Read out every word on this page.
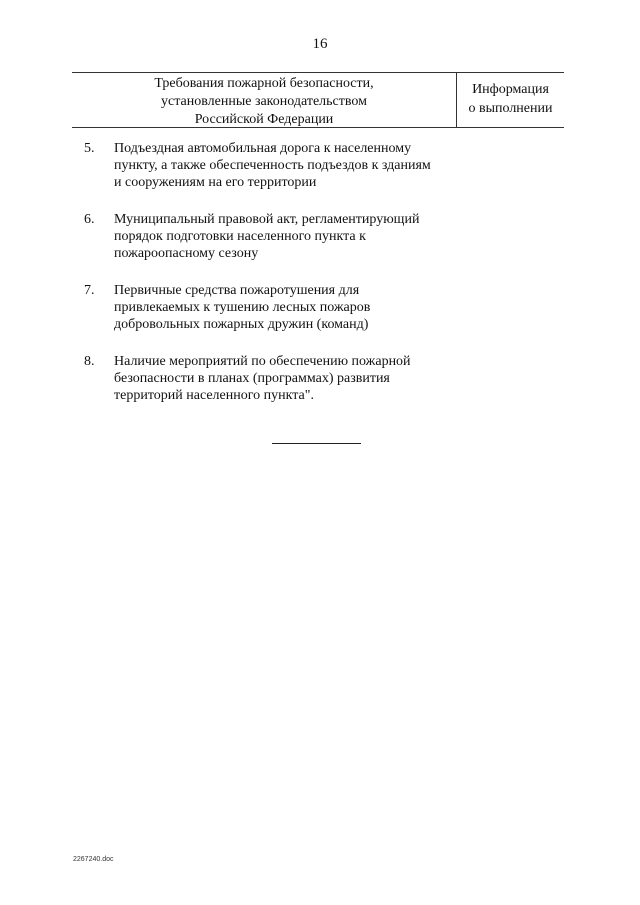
16
Требования пожарной безопасности,
установленные законодательством
Российской Федерации
Информация
о выполнении
5. Подъездная автомобильная дорога к населенному
пункту, а также обеспеченность подъездов к зданиям
и сооружениям на его территории
6. Муниципальный правовой акт, регламентирующий
порядок подготовки населенного пункта к
пожароопасному сезону
7. Первичные средства пожаротушения для
привлекаемых к тушению лесных пожаров
добровольных пожарных дружин (команд)
8. Наличие мероприятий по обеспечению пожарной
безопасности в планах (программах) развития
территорий населенного пункта".
2267240.doc
